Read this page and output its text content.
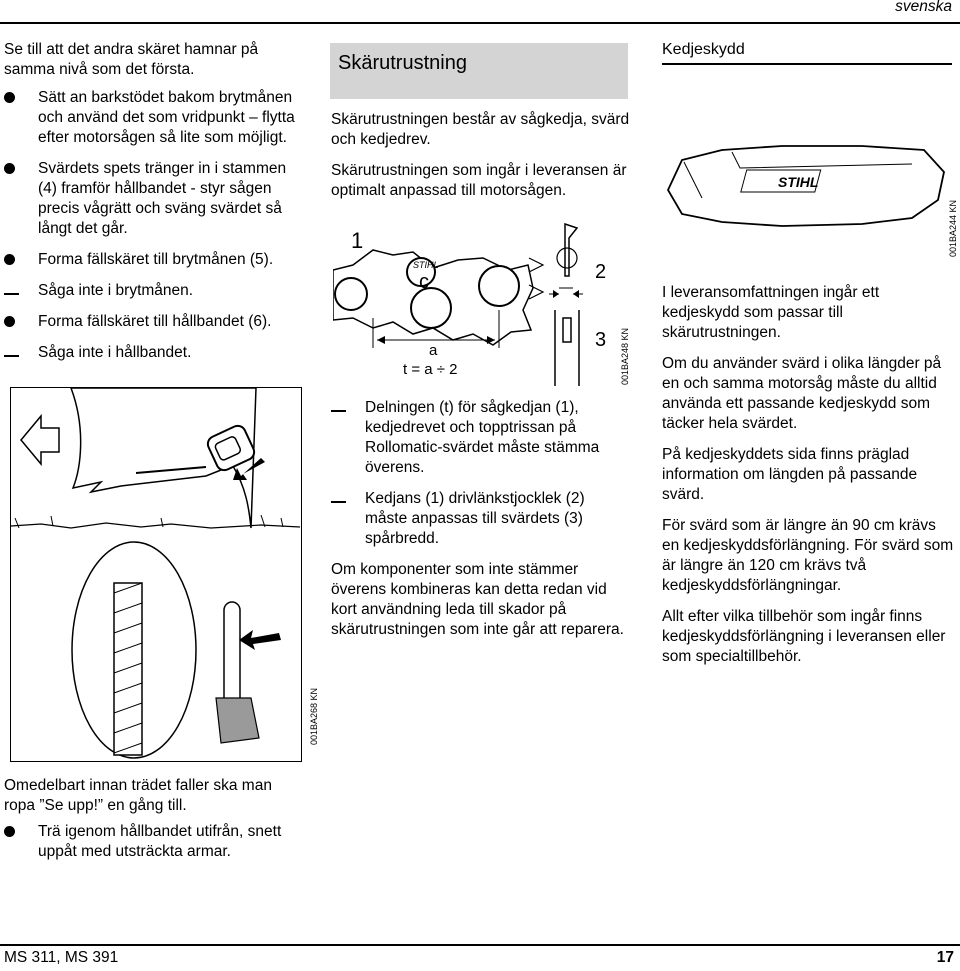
svenska

Se till att det andra skäret hamnar på samma nivå som det första.

Sätt an barkstödet bakom brytmånen och använd det som vridpunkt – flytta efter motorsågen så lite som möjligt.
Svärdets spets tränger in i stammen (4) framför hållbandet - styr sågen precis vågrätt och sväng svärdet så långt det går.
Forma fällskäret till brytmånen (5).
Såga inte i brytmånen.
Forma fällskäret till hållbandet (6).
Såga inte i hållbandet.
001BA268 KN

Omedelbart innan trädet faller ska man ropa ”Se upp!” en gång till.

Trä igenom hållbandet utifrån, snett uppåt med utsträckta armar.
Skärutrustning

Skärutrustningen består av sågkedja, svärd och kedjedrev.

Skärutrustningen som ingår i leveransen är optimalt anpassad till motorsågen.

1
STIHL
c
a
t = a ÷ 2
2
3 001BA248 KN
Delningen (t) för sågkedjan (1), kedjedrevet och topptrissan på Rollomatic-svärdet måste stämma överens.
Kedjans (1) drivlänkstjocklek (2) måste anpassas till svärdets (3) spårbredd.

Om komponenter som inte stämmer överens kombineras kan detta redan vid kort användning leda till skador på skärutrustningen som inte går att reparera.

Kedjeskydd
STIHL
001BA244 KN

I leveransomfattningen ingår ett kedjeskydd som passar till skärutrustningen.

Om du använder svärd i olika längder på en och samma motorsåg måste du alltid använda ett passande kedjeskydd som täcker hela svärdet.

På kedjeskyddets sida finns präglad information om längden på passande svärd.

För svärd som är längre än 90 cm krävs en kedjeskyddsförlängning. För svärd som är längre än 120 cm krävs två kedjeskyddsförlängningar.

Allt efter vilka tillbehör som ingår finns kedjeskyddsförlängning i leveransen eller som specialtillbehör.

MS 311, MS 391	17
